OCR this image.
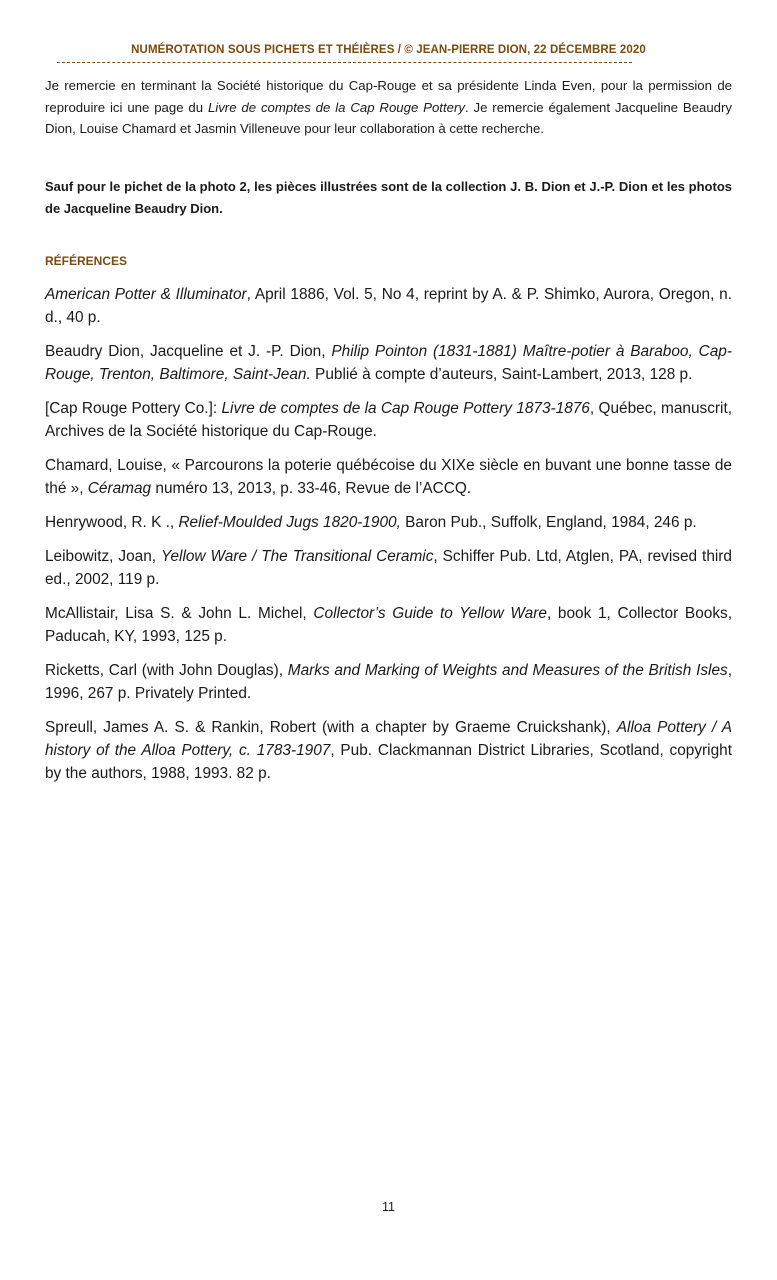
NUMÉROTATION SOUS PICHETS ET THÉIÈRES / © JEAN-PIERRE DION, 22 DÉCEMBRE 2020

Je remercie en terminant la Société historique du Cap-Rouge et sa présidente Linda Even, pour la permission de reproduire ici une page du Livre de comptes de la Cap Rouge Pottery. Je remercie également Jacqueline Beaudry Dion, Louise Chamard et Jasmin Villeneuve pour leur collaboration à cette recherche.

Sauf pour le pichet de la photo 2, les pièces illustrées sont de la collection J. B. Dion et J.-P. Dion et les photos de Jacqueline Beaudry Dion.

RÉFÉRENCES
American Potter & Illuminator, April 1886, Vol. 5, No 4, reprint by A. & P. Shimko, Aurora, Oregon, n. d., 40 p.
Beaudry Dion, Jacqueline et J. -P. Dion, Philip Pointon (1831-1881) Maître-potier à Baraboo, Cap-Rouge, Trenton, Baltimore, Saint-Jean. Publié à compte d’auteurs, Saint-Lambert, 2013, 128 p.
[Cap Rouge Pottery Co.]: Livre de comptes de la Cap Rouge Pottery 1873-1876, Québec, manuscrit, Archives de la Société historique du Cap-Rouge.
Chamard, Louise, « Parcourons la poterie québécoise du XIXe siècle en buvant une bonne tasse de thé », Céramag numéro 13, 2013, p. 33-46, Revue de l’ACCQ.
Henrywood, R. K ., Relief-Moulded Jugs 1820-1900, Baron Pub., Suffolk, England, 1984, 246 p.
Leibowitz, Joan, Yellow Ware / The Transitional Ceramic, Schiffer Pub. Ltd, Atglen, PA, revised third ed., 2002, 119 p.
McAllistair, Lisa S. & John L. Michel, Collector’s Guide to Yellow Ware, book 1, Collector Books, Paducah, KY, 1993, 125 p.
Ricketts, Carl (with John Douglas), Marks and Marking of Weights and Measures of the British Isles, 1996, 267 p. Privately Printed.
Spreull, James A. S. & Rankin, Robert (with a chapter by Graeme Cruickshank), Alloa Pottery / A history of the Alloa Pottery, c. 1783-1907, Pub. Clackmannan District Libraries, Scotland, copyright by the authors, 1988, 1993. 82 p.
11
